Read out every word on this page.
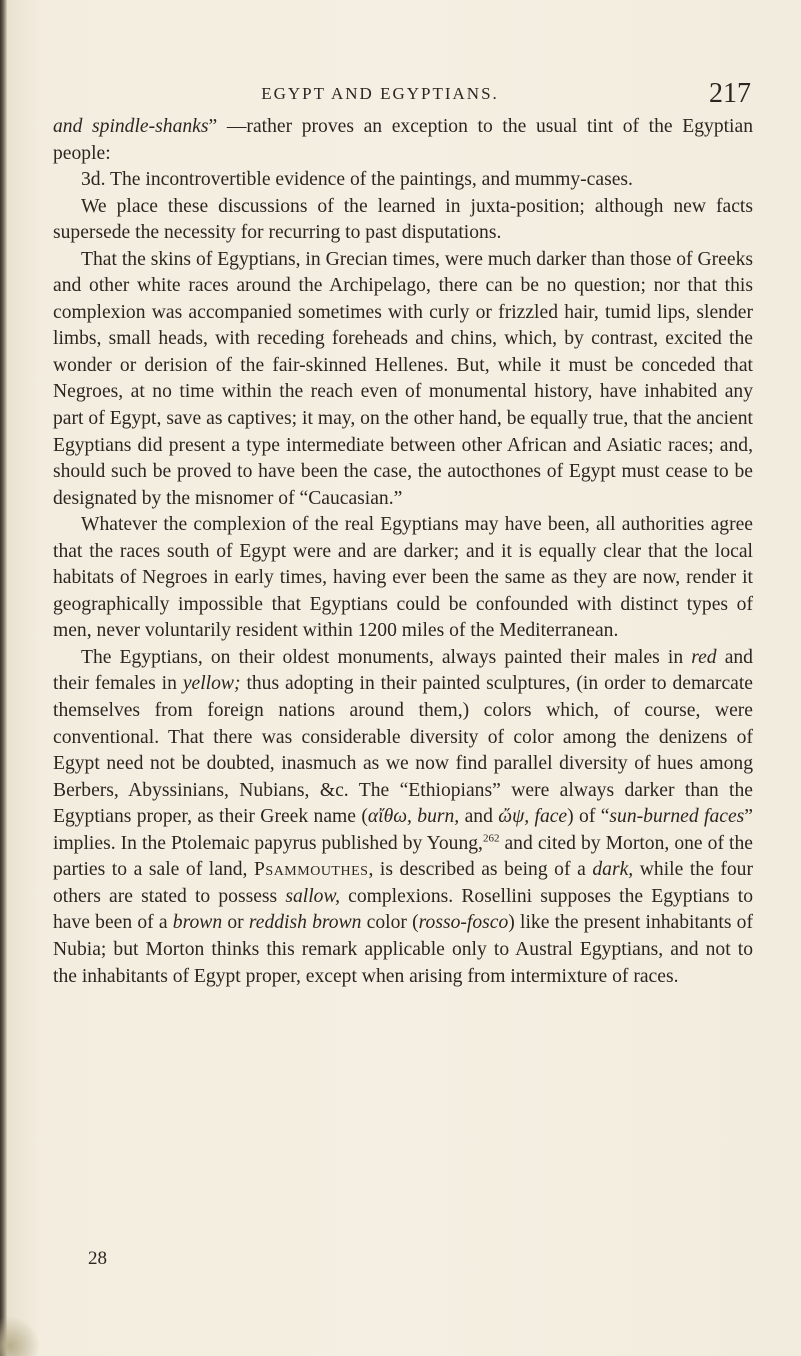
EGYPT AND EGYPTIANS.	217

and spindle-shanks” —rather proves an exception to the usual tint of the Egyptian people:

3d. The incontrovertible evidence of the paintings, and mummy-cases.

We place these discussions of the learned in juxta-position; although new facts supersede the necessity for recurring to past disputations.

That the skins of Egyptians, in Grecian times, were much darker than those of Greeks and other white races around the Archipelago, there can be no question; nor that this complexion was accompanied sometimes with curly or frizzled hair, tumid lips, slender limbs, small heads, with receding foreheads and chins, which, by contrast, excited the wonder or derision of the fair-skinned Hellenes. But, while it must be conceded that Negroes, at no time within the reach even of monumental history, have inhabited any part of Egypt, save as captives; it may, on the other hand, be equally true, that the ancient Egyptians did present a type intermediate between other African and Asiatic races; and, should such be proved to have been the case, the autocthones of Egypt must cease to be designated by the misnomer of “Caucasian.”

Whatever the complexion of the real Egyptians may have been, all authorities agree that the races south of Egypt were and are darker; and it is equally clear that the local habitats of Negroes in early times, having ever been the same as they are now, render it geographically impossible that Egyptians could be confounded with distinct types of men, never voluntarily resident within 1200 miles of the Mediterranean.

The Egyptians, on their oldest monuments, always painted their males in red and their females in yellow; thus adopting in their painted sculptures, (in order to demarcate themselves from foreign nations around them,) colors which, of course, were conventional. That there was considerable diversity of color among the denizens of Egypt need not be doubted, inasmuch as we now find parallel diversity of hues among Berbers, Abyssinians, Nubians, &c. The “Ethiopians” were always darker than the Egyptians proper, as their Greek name (αἴθω, burn, and ὤψ, face) of “sun-burned faces” implies. In the Ptolemaic papyrus published by Young,$^{262}$ and cited by Morton, one of the parties to a sale of land, Psammouthes, is described as being of a dark, while the four others are stated to possess sallow, complexions. Rosellini supposes the Egyptians to have been of a brown or reddish brown color (rosso-fosco) like the present inhabitants of Nubia; but Morton thinks this remark applicable only to Austral Egyptians, and not to the inhabitants of Egypt proper, except when arising from intermixture of races.

28
